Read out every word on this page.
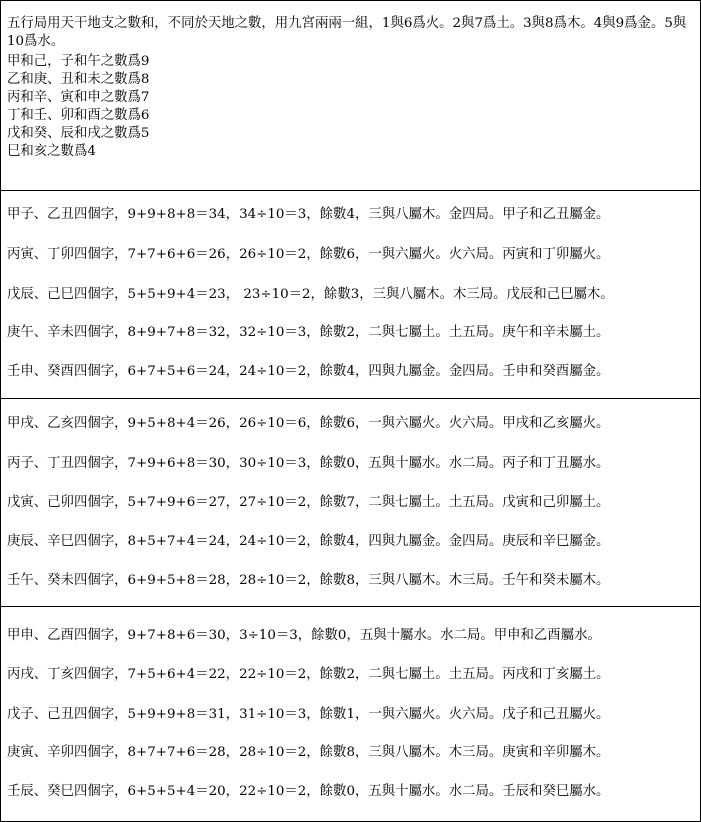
五行局用天干地支之數和，不同於天地之數，用九宮兩兩一組，1與6爲火。2與7爲土。3與8爲木。4與9爲金。5與10爲水。
甲和己，子和午之數爲9
乙和庚、丑和未之數爲8
丙和辛、寅和申之數爲7
丁和壬、卯和酉之數爲6
戊和癸、辰和戌之數爲5
巳和亥之數爲4
甲子、乙丑四個字，9+9+8+8＝34，34÷10＝3，餘數4，三與八屬木。金四局。甲子和乙丑屬金。
丙寅、丁卯四個字，7+7+6+6＝26，26÷10＝2，餘數6，一與六屬火。火六局。丙寅和丁卯屬火。
戊辰、己巳四個字，5+5+9+4＝23， 23÷10＝2，餘數3，三與八屬木。木三局。戊辰和己巳屬木。
庚午、辛未四個字，8+9+7+8＝32，32÷10＝3，餘數2，二與七屬土。土五局。庚午和辛未屬土。
壬申、癸酉四個字，6+7+5+6＝24，24÷10＝2，餘數4，四與九屬金。金四局。壬申和癸酉屬金。
甲戌、乙亥四個字，9+5+8+4＝26，26÷10＝6，餘數6，一與六屬火。火六局。甲戌和乙亥屬火。
丙子、丁丑四個字，7+9+6+8＝30，30÷10＝3，餘數0，五與十屬水。水二局。丙子和丁丑屬水。
戊寅、己卯四個字，5+7+9+6＝27，27÷10＝2，餘數7，二與七屬土。土五局。戊寅和己卯屬土。
庚辰、辛巳四個字，8+5+7+4＝24，24÷10＝2，餘數4，四與九屬金。金四局。庚辰和辛巳屬金。
壬午、癸未四個字，6+9+5+8＝28，28÷10＝2，餘數8，三與八屬木。木三局。壬午和癸未屬木。
甲申、乙酉四個字，9+7+8+6＝30，3÷10＝3，餘數0，五與十屬水。水二局。甲申和乙酉屬水。
丙戌、丁亥四個字，7+5+6+4＝22，22÷10＝2，餘數2，二與七屬土。土五局。丙戌和丁亥屬土。
戊子、己丑四個字，5+9+9+8＝31，31÷10＝3，餘數1，一與六屬火。火六局。戊子和己丑屬火。
庚寅、辛卯四個字，8+7+7+6＝28，28÷10＝2，餘數8，三與八屬木。木三局。庚寅和辛卯屬木。
壬辰、癸巳四個字，6+5+5+4＝20，22÷10＝2，餘數0，五與十屬水。水二局。壬辰和癸巳屬水。
